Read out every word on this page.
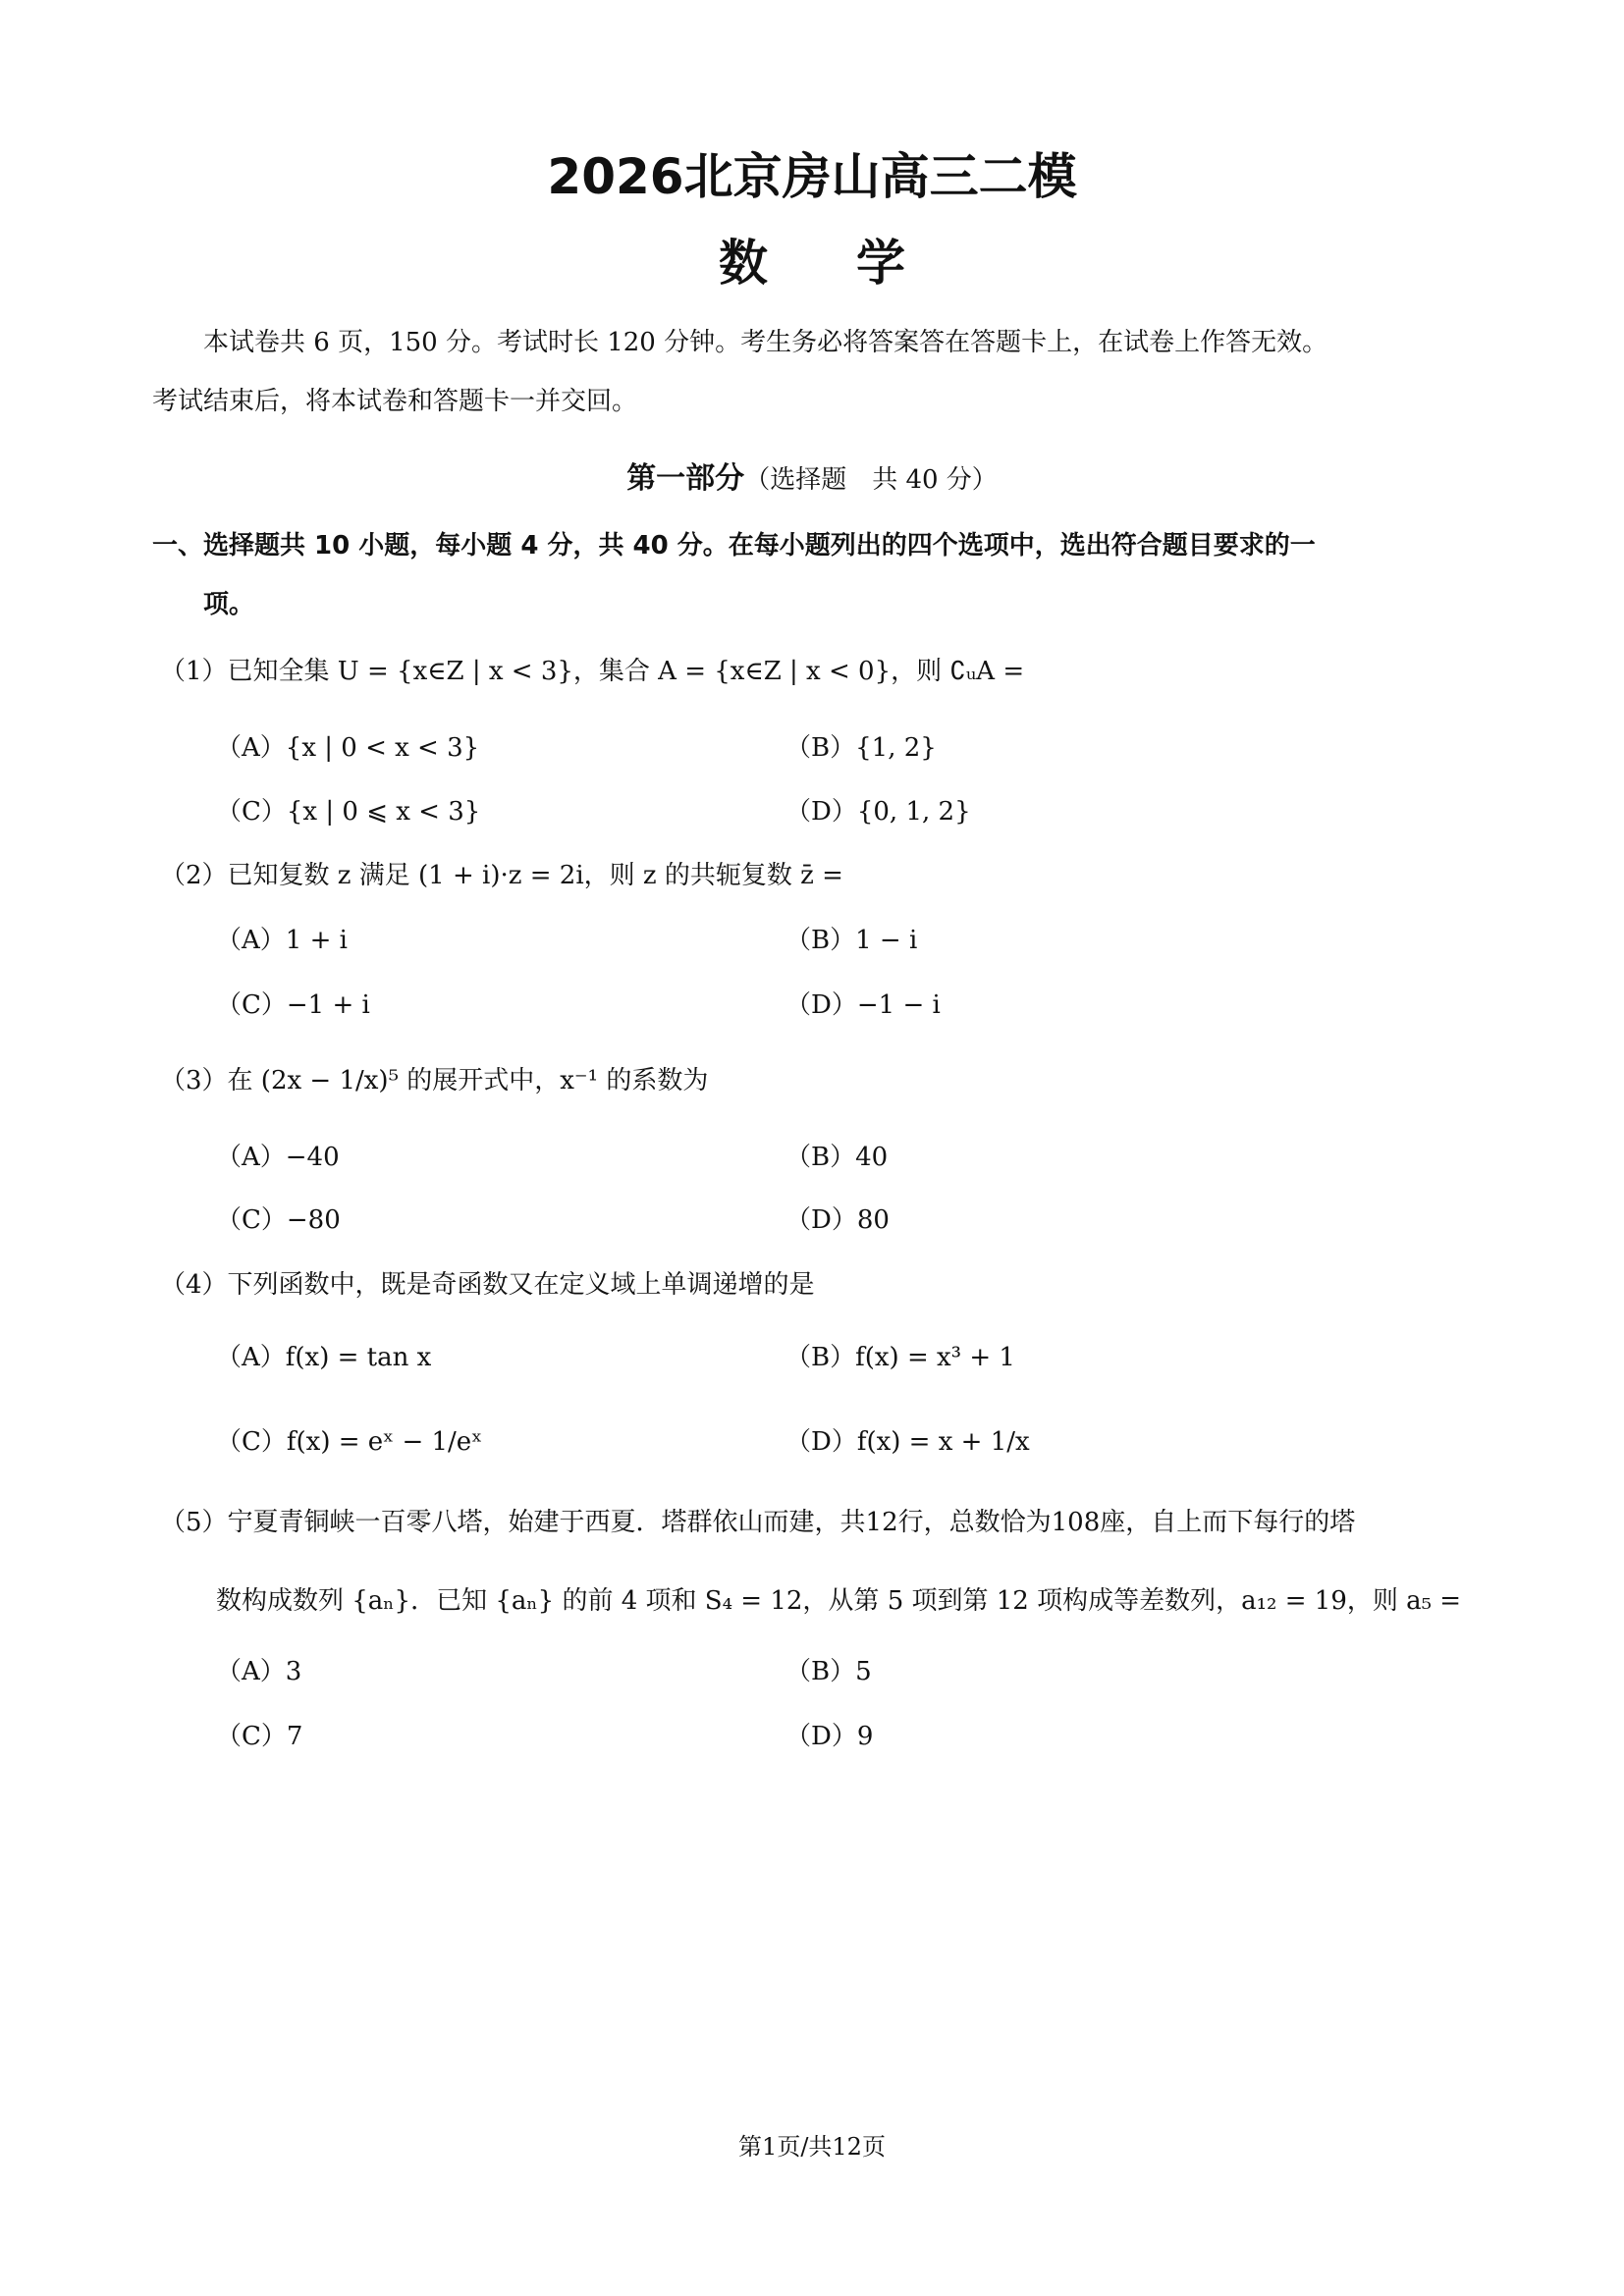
2026北京房山高三二模
数学
本试卷共 6 页，150 分。考试时长 120 分钟。考生务必将答案答在答题卡上，在试卷上作答无效。
考试结束后，将本试卷和答题卡一并交回。
第一部分（选择题　共 40 分）
一、选择题共 10 小题，每小题 4 分，共 40 分。在每小题列出的四个选项中，选出符合题目要求的一
项。
（1）已知全集 U = {x∈Z | x < 3}，集合 A = {x∈Z | x < 0}，则 ∁ᵤA =
（A）{x | 0 < x < 3}	（B）{1, 2}
（C）{x | 0 ⩽ x < 3}	（D）{0, 1, 2}
（2）已知复数 z 满足 (1 + i)·z = 2i，则 z 的共轭复数 z̄ =
（A）1 + i	（B）1 − i
（C）−1 + i	（D）−1 − i
（3）在 (2x − 1/x)⁵ 的展开式中，x⁻¹ 的系数为
（A）−40	（B）40
（C）−80	（D）80
（4）下列函数中，既是奇函数又在定义域上单调递增的是
（A）f(x) = tan x	（B）f(x) = x³ + 1
（C）f(x) = eˣ − 1/eˣ	（D）f(x) = x + 1/x
（5）宁夏青铜峡一百零八塔，始建于西夏．塔群依山而建，共12行，总数恰为108座，自上而下每行的塔
数构成数列 {aₙ}．已知 {aₙ} 的前 4 项和 S₄ = 12，从第 5 项到第 12 项构成等差数列，a₁₂ = 19，则 a₅ =
（A）3	（B）5
（C）7	（D）9
第1页/共12页
